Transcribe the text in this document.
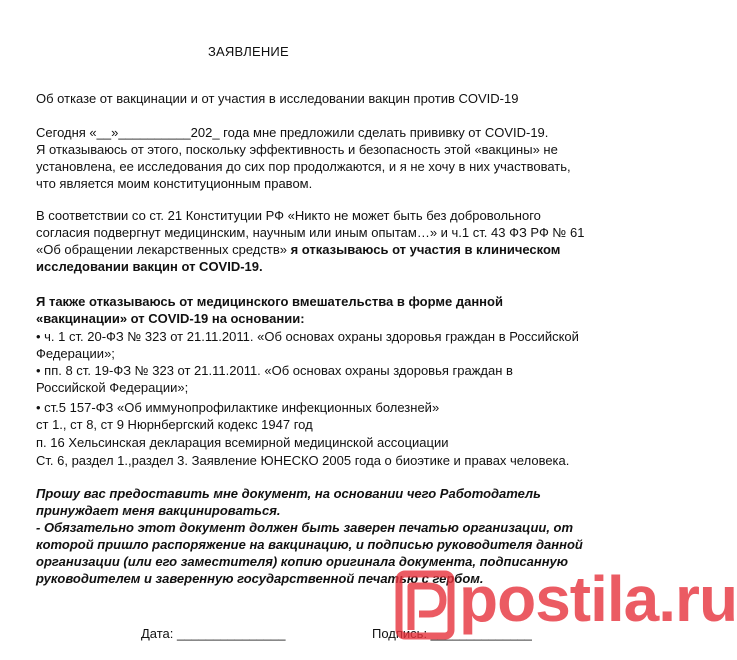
ЗАЯВЛЕНИЕ
Об отказе от вакцинации и от участия в исследовании вакцин против COVID-19
Сегодня «__»__________202_ года мне предложили сделать прививку от COVID-19.
Я отказываюсь от этого, поскольку эффективность и безопасность этой «вакцины» не
установлена, ее исследования до сих пор продолжаются, и я не хочу в них участвовать,
что является моим конституционным правом.
В соответствии со ст. 21 Конституции РФ «Никто не может быть без добровольного
согласия подвергнут медицинским, научным или иным опытам…» и ч.1 ст. 43 ФЗ РФ № 61
«Об обращении лекарственных средств» я отказываюсь от участия в клиническом
исследовании вакцин от COVID-19.
Я также отказываюсь от медицинского вмешательства в форме данной
«вакцинации» от COVID-19 на основании:
• ч. 1 ст. 20-ФЗ № 323 от 21.11.2011. «Об основах охраны здоровья граждан в Российской
Федерации»;
• пп. 8 ст. 19-ФЗ № 323 от 21.11.2011. «Об основах охраны здоровья граждан в
Российской Федерации»;
• ст.5 157-ФЗ «Об иммунопрофилактике инфекционных болезней»
ст 1., ст 8, ст 9 Нюрнбергский кодекс 1947 год
п. 16 Хельсинская декларация всемирной медицинской ассоциации
Ст. 6, раздел 1.,раздел 3. Заявление ЮНЕСКО 2005 года о биоэтике и правах человека.
Прошу вас предоставить мне документ, на основании чего Работодатель
принуждает меня вакцинироваться.
- Обязательно этот документ должен быть заверен печатью организации, от
которой пришло распоряжение на вакцинацию, и подписью руководителя данной
организации (или его заместителя) копию оригинала документа, подписанную
руководителем и заверенную государственной печатью с гербом.
Дата: _______________	Подпись: ______________
postila.ru
